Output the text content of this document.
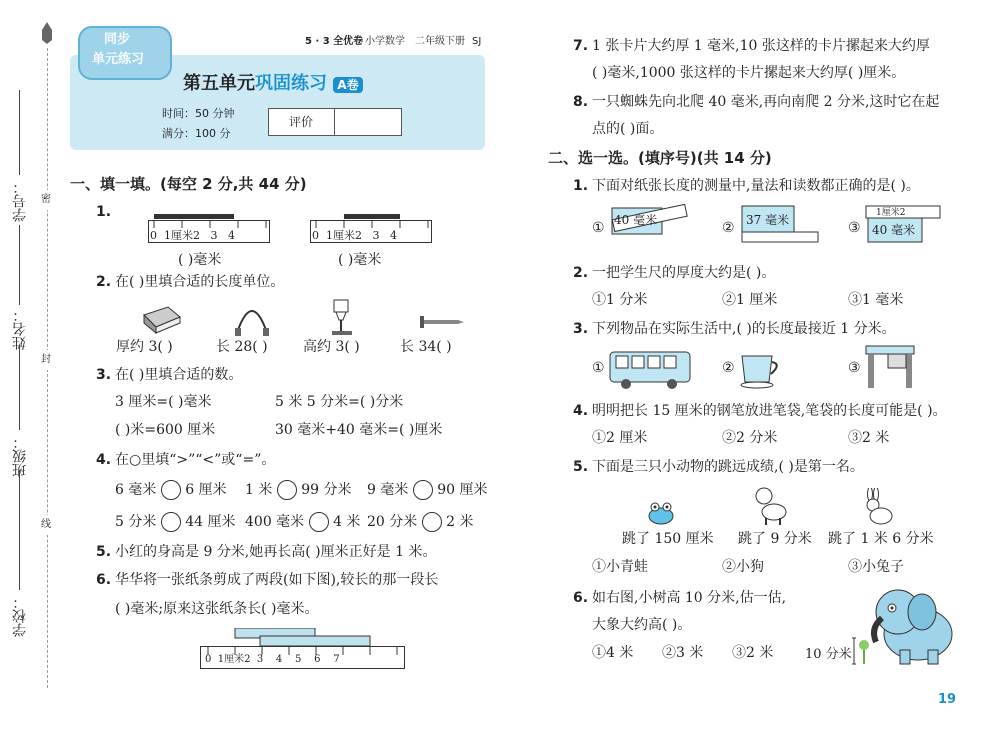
学号：
姓名：
班级：
学校：
密
封
线
同步
单元练习
5 · 3 全优卷 小学数学 二年级下册 SJ
第五单元巩固练习 A卷
时间：50 分钟
满分：100 分
评价
一、填一填。(每空 2 分,共 44 分)
1.
0 1厘米2 3 4	0 1厘米2 3 4
( )毫米	( )毫米
2. 在( )里填合适的长度单位。
厚约 3( )	长 28( )	高约 3( )	长 34( )
3. 在( )里填合适的数。
3 厘米=( )毫米	5 米 5 分米=( )分米
( )米=600 厘米	30 毫米+40 毫米=( )厘米
4. 在○里填“>”“<”或“=”。
6 毫米 6 厘米 1 米 99 分米 9 毫米 90 厘米
5 分米 44 厘米 400 毫米 4 米 20 分米 2 米
5. 小红的身高是 9 分米,她再长高( )厘米正好是 1 米。
6. 华华将一张纸条剪成了两段(如下图),较长的那一段长
( )毫米;原来这张纸条长( )毫米。
0 1厘米2 3 4 5 6 7
7. 1 张卡片大约厚 1 毫米,10 张这样的卡片摞起来大约厚
( )毫米,1000 张这样的卡片摞起来大约厚( )厘米。
8. 一只蜘蛛先向北爬 40 毫米,再向南爬 2 分米,这时它在起
点的( )面。
二、选一选。(填序号)(共 14 分)
1. 下面对纸张长度的测量中,量法和读数都正确的是( )。
① 40 毫米	② 37 毫米	③
1厘米2
40 毫米
2. 一把学生尺的厚度大约是( )。
①1 分米	②1 厘米	③1 毫米
3. 下列物品在实际生活中,( )的长度最接近 1 分米。
①	②	③
4. 明明把长 15 厘米的钢笔放进笔袋,笔袋的长度可能是( )。
①2 厘米	②2 分米	③2 米
5. 下面是三只小动物的跳远成绩,( )是第一名。
跳了 150 厘米 跳了 9 分米 跳了 1 米 6 分米
①小青蛙	②小狗	③小兔子
6. 如右图,小树高 10 分米,估一估,
大象大约高( )。
①4 米 ②3 米 ③2 米 10 分米
19
